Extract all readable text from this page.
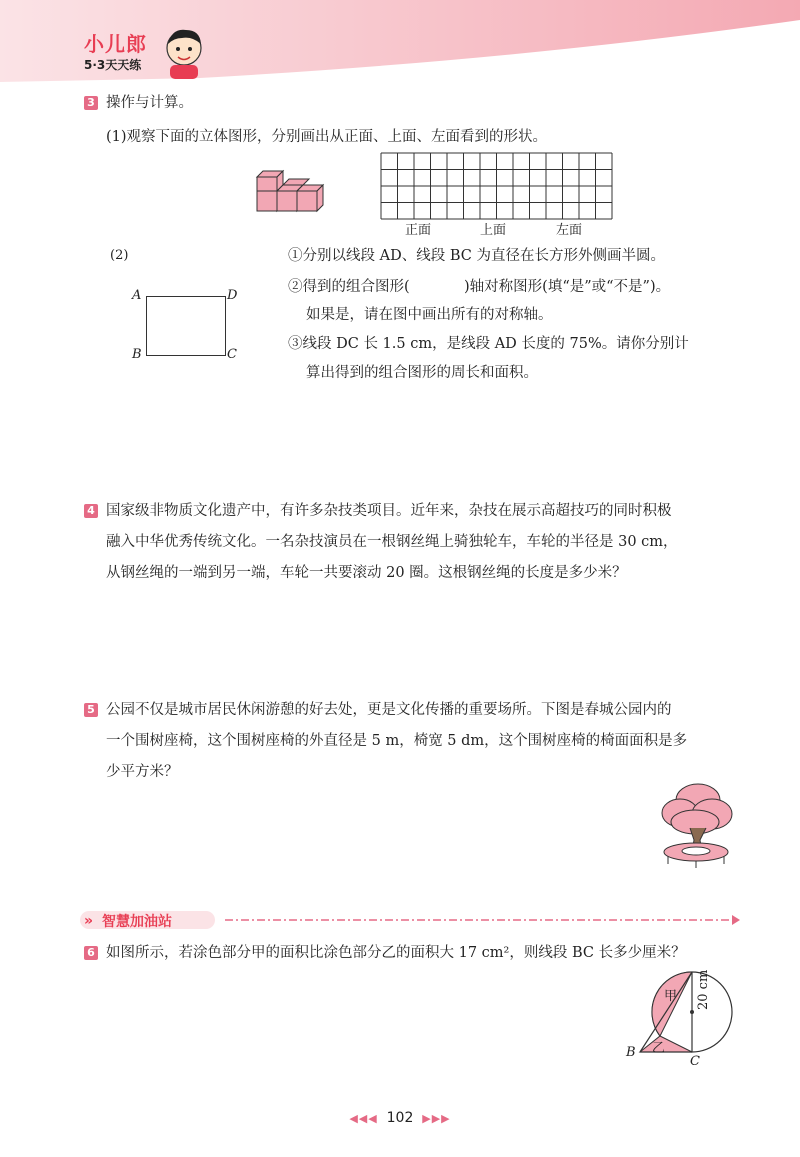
小儿郎
5·3天天练
3 操作与计算。
(1)观察下面的立体图形，分别画出从正面、上面、左面看到的形状。
正面	上面	左面
(2)
A	D
B	C
①分别以线段 AD、线段 BC 为直径在长方形外侧画半圆。
②得到的组合图形(	)轴对称图形(填“是”或“不是”)。
如果是，请在图中画出所有的对称轴。
③线段 DC 长 1.5 cm，是线段 AD 长度的 75%。请你分别计
算出得到的组合图形的周长和面积。
4 国家级非物质文化遗产中，有许多杂技类项目。近年来，杂技在展示高超技巧的同时积极
融入中华优秀传统文化。一名杂技演员在一根钢丝绳上骑独轮车，车轮的半径是 30 cm，
从钢丝绳的一端到另一端，车轮一共要滚动 20 圈。这根钢丝绳的长度是多少米？
5 公园不仅是城市居民休闲游憩的好去处，更是文化传播的重要场所。下图是春城公园内的
一个围树座椅，这个围树座椅的外直径是 5 m，椅宽 5 dm，这个围树座椅的椅面面积是多
少平方米？
» 智慧加油站
6 如图所示，若涂色部分甲的面积比涂色部分乙的面积大 17 cm²，则线段 BC 长多少厘米？
甲
乙
20 cm
B
C
◀◀◀ 102 ▶▶▶
